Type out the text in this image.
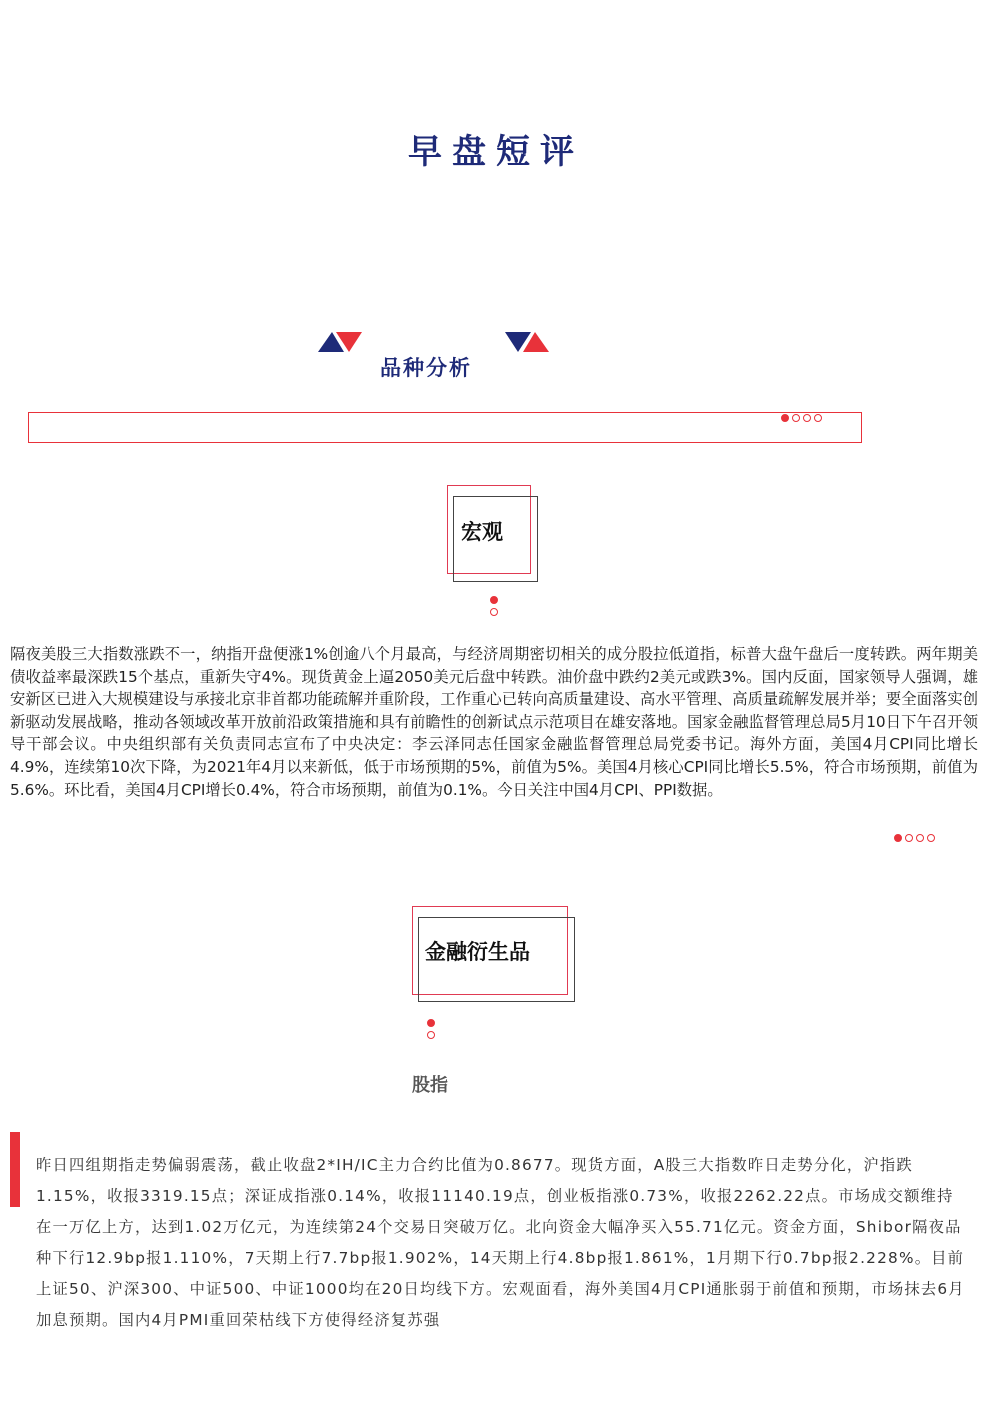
早盘短评
品种分析
宏观
隔夜美股三大指数涨跌不一，纳指开盘便涨1%创逾八个月最高，与经济周期密切相关的成分股拉低道指，标普大盘午盘后一度转跌。两年期美债收益率最深跌15个基点，重新失守4%。现货黄金上逼2050美元后盘中转跌。油价盘中跌约2美元或跌3%。国内反面，国家领导人强调，雄安新区已进入大规模建设与承接北京非首都功能疏解并重阶段，工作重心已转向高质量建设、高水平管理、高质量疏解发展并举；要全面落实创新驱动发展战略，推动各领域改革开放前沿政策措施和具有前瞻性的创新试点示范项目在雄安落地。国家金融监督管理总局5月10日下午召开领导干部会议。中央组织部有关负责同志宣布了中央决定：李云泽同志任国家金融监督管理总局党委书记。海外方面，美国4月CPI同比增长4.9%，连续第10次下降，为2021年4月以来新低，低于市场预期的5%，前值为5%。美国4月核心CPI同比增长5.5%，符合市场预期，前值为5.6%。环比看，美国4月CPI增长0.4%，符合市场预期，前值为0.1%。今日关注中国4月CPI、PPI数据。
金融衍生品
股指
昨日四组期指走势偏弱震荡，截止收盘2*IH/IC主力合约比值为0.8677。现货方面，A股三大指数昨日走势分化，沪指跌1.15%，收报3319.15点；深证成指涨0.14%，收报11140.19点，创业板指涨0.73%，收报2262.22点。市场成交额维持在一万亿上方，达到1.02万亿元，为连续第24个交易日突破万亿。北向资金大幅净买入55.71亿元。资金方面，Shibor隔夜品种下行12.9bp报1.110%，7天期上行7.7bp报1.902%，14天期上行4.8bp报1.861%，1月期下行0.7bp报2.228%。目前上证50、沪深300、中证500、中证1000均在20日均线下方。宏观面看，海外美国4月CPI通胀弱于前值和预期，市场抹去6月加息预期。国内4月PMI重回荣枯线下方使得经济复苏强
